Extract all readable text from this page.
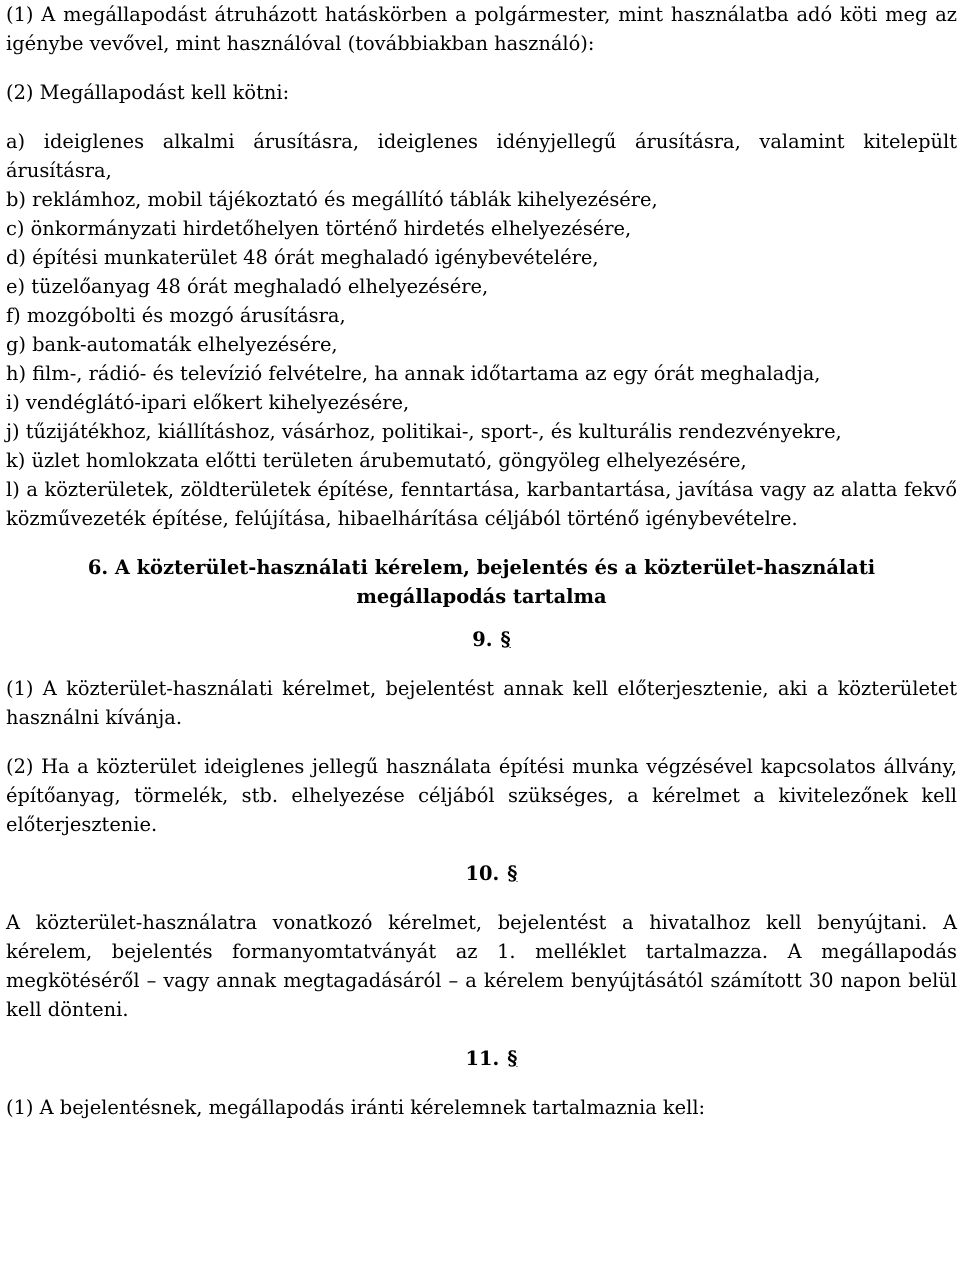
(1) A megállapodást átruházott hatáskörben a polgármester, mint használatba adó köti meg az igénybe vevővel, mint használóval (továbbiakban használó):

(2) Megállapodást kell kötni:

a) ideiglenes alkalmi árusításra, ideiglenes idényjellegű árusításra, valamint kitelepült árusításra,

b) reklámhoz, mobil tájékoztató és megállító táblák kihelyezésére,

c) önkormányzati hirdetőhelyen történő hirdetés elhelyezésére,

d) építési munkaterület 48 órát meghaladó igénybevételére,

e) tüzelőanyag 48 órát meghaladó elhelyezésére,

f) mozgóbolti és mozgó árusításra,

g) bank-automaták elhelyezésére,

h) film-, rádió- és televízió felvételre, ha annak időtartama az egy órát meghaladja,

i) vendéglátó-ipari előkert kihelyezésére,

j) tűzijátékhoz, kiállításhoz, vásárhoz, politikai-, sport-, és kulturális rendezvényekre,

k) üzlet homlokzata előtti területen árubemutató, göngyöleg elhelyezésére,

l) a közterületek, zöldterületek építése, fenntartása, karbantartása, javítása vagy az alatta fekvő közművezeték építése, felújítása, hibaelhárítása céljából történő igénybevételre.

6. A közterület-használati kérelem, bejelentés és a közterület-használati
megállapodás tartalma
9. §

(1) A közterület-használati kérelmet, bejelentést annak kell előterjesztenie, aki a közterületet használni kívánja.

(2) Ha a közterület ideiglenes jellegű használata építési munka végzésével kapcsolatos állvány, építőanyag, törmelék, stb. elhelyezése céljából szükséges, a kérelmet a kivitelezőnek kell előterjesztenie.

10. §

A közterület-használatra vonatkozó kérelmet, bejelentést a hivatalhoz kell benyújtani. A kérelem, bejelentés formanyomtatványát az 1. melléklet tartalmazza. A megállapodás megkötéséről – vagy annak megtagadásáról – a kérelem benyújtásától számított 30 napon belül kell dönteni.

11. §

(1) A bejelentésnek, megállapodás iránti kérelemnek tartalmaznia kell:
